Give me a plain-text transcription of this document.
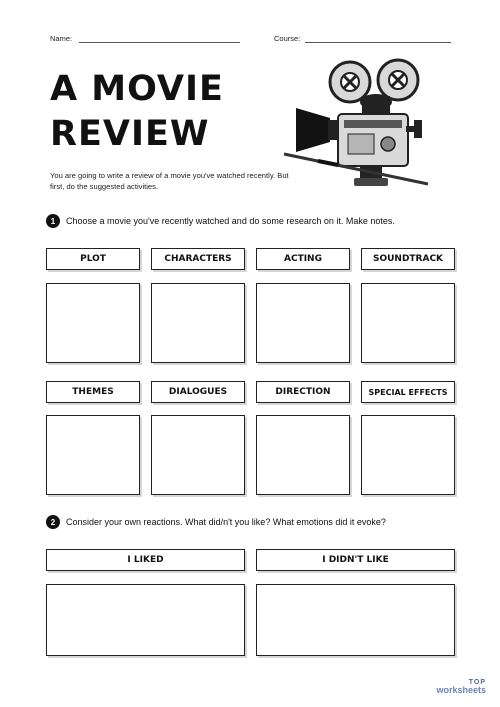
Name:	Course:
A MOVIE
REVIEW
You are going to write a review of a movie you've watched recently. But first, do the suggested activities.
1	Choose a movie you've recently watched and do some research on it. Make notes.
PLOT	CHARACTERS	ACTING	SOUNDTRACK
THEMES	DIALOGUES	DIRECTION	SPECIAL EFFECTS
2	Consider your own reactions. What did/n't you like? What emotions did it evoke?
I LIKED	I DIDN'T LIKE
TOP
worksheets
